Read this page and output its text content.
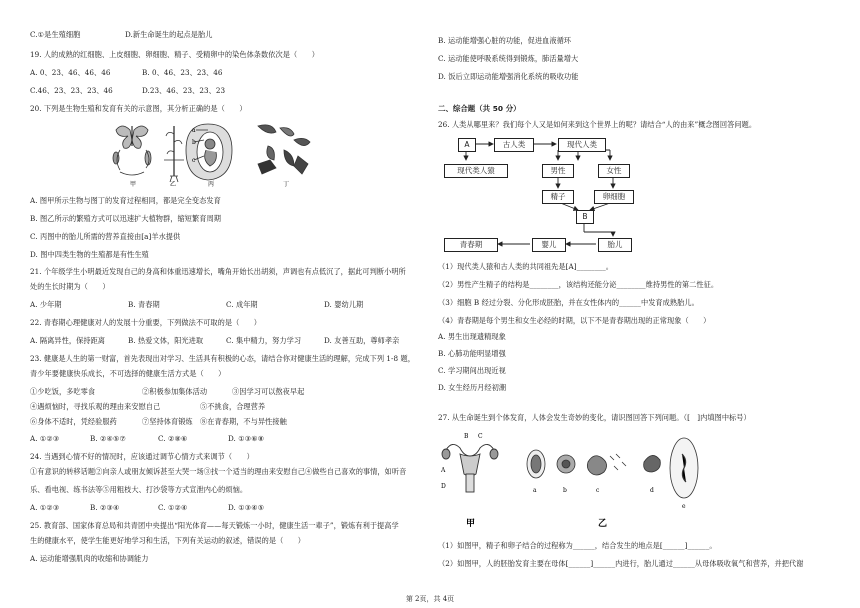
C.①是生殖细胞	D.新生命诞生的起点是胎儿
19. 人的成熟的红细胞、上皮细胞、卵细胞、精子、受精卵中的染色体条数依次是（　　）
A. 0、23、46、46、46	B. 0、46、23、23、46
C.46、23、23、23、46	D.23、46、23、23、23
20. 下列是生物生殖和发育有关的示意图，其分析正确的是（　　）
a
b
c
甲	乙	丙	丁
A. 图甲所示生物与图丁的发育过程相同，都是完全变态发育
B. 图乙所示的繁殖方式可以迅速扩大植物群，缩短繁育周期
C. 丙图中的胎儿所需的营养直接由[a]羊水提供
D. 图中四类生物的生殖都是有性生殖
21. 个年级学生小明最近发现自己的身高和体重迅速增长，嘴角开始长出胡须，声调也有点低沉了，据此可判断小明所
处的生长时期为（　　）
A. 少年期	B. 青春期	C. 成年期	D. 婴幼儿期
22. 青春期心理健康对人的发展十分重要，下列做法不可取的是（　　）
A. 隔离异性，保持距离	B. 热爱文体，阳光进取	C. 集中精力，努力学习	D. 友善互助，尊师孝亲
23. 健康是人生的第一财富，首先表现出对学习、生活具有积极的心态，请结合你对健康生活的理解，完成下列 1-8 题，
青少年要健康快乐成长，不可选择的健康生活方式是（　　）
①少吃饭，多吃零食	②积极参加集体活动	③因学习可以熬夜早起
④遇烦恼时，寻找乐观的理由来安慰自己	⑤不挑食，合理营养
⑥身体不适时，凭经验服药	⑦坚持体育锻炼 ⑧在青春期，不与异性接触
A. ①②③	B. ②④⑤⑦	C. ②⑧⑥	D. ①③⑥⑧
24. 当遇到心情不好的情况时，应该通过调节心情方式来调节（　　）
①有意识的转移话题②向亲人或朋友倾诉甚至大哭一场③找一个适当的理由来安慰自己④做些自己喜欢的事情，如听音
乐、看电视、练书法等⑤用粗枝大、打沙袋等方式宣泄内心的烦恼。
A. ①②③	B. ②③④	C. ①②④	D. ①③④⑤
25. 教育部、国家体育总局和共青团中央提出“阳光体育——每天锻炼一小时，健康生活一辈子”，锻炼有利于提高学
生的健康水平，使学生能更好地学习和生活，下列有关运动的叙述，错误的是（　　）
A. 运动能增强肌肉的收缩和协调能力
B. 运动能增强心脏的功能，促进血液循环
C. 运动能使呼吸系统得到锻炼，肺活量增大
D. 饭后立即运动能增强消化系统的吸收功能
二、综合题（共 50 分）
26. 人类从哪里来？我们每个人又是如何来到这个世界上的呢？请结合“人的由来”概念图回答问题。
A	古人类	现代人类
现代类人猿	男性	女性
精子	卵细胞
B
青春期	婴儿	胎儿
（1）现代类人猿和古人类的共同祖先是[A]________。
（2）男性产生精子的结构是________，该结构还能分泌________维持男性的第二性征。
（3）细胞 B 经过分裂、分化形成胚胎，并在女性体内的______中发育成熟胎儿。
（4）青春期是每个男生和女生必经的时期，以下不是青春期出现的正常现象（　　）
A. 男生出现遗精现象
B. 心肺功能明显增强
C. 学习期间出现近视
D. 女生经历月经初潮
27. 从生命诞生到个体发育，人体会发生奇妙的变化，请识图回答下列问题。（[　]内填图中标号）
A
D
B C
a	b	c	d
e
甲	乙
（1）如图甲，精子和卵子结合的过程称为______，结合发生的地点是[______]______。
（2）如图甲，人的胚胎发育主要在母体[______]______内进行，胎儿通过______从母体吸收氧气和营养，并把代谢
第 2页，共 4页
